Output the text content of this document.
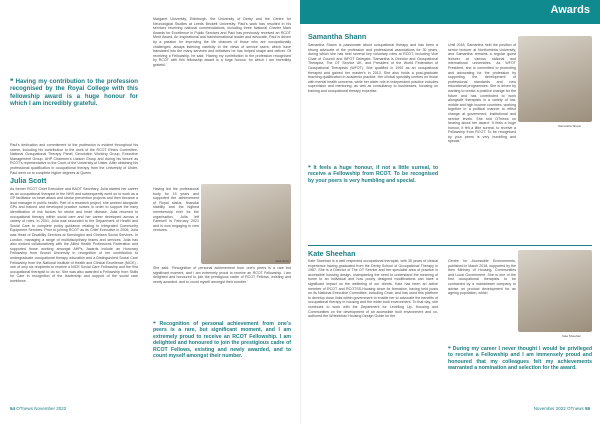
Awards
❝ Having my contribution to the profession recognised by the Royal College with this fellowship award is a huge honour for which I am incredibly grateful.

Paul's dedication and commitment to the profession is evident throughout his career, including his contribution to the work of the RCOT Ethics Committee, National Occupational Therapy Panel, Devolution Working Group, Executive Management Group, AHP Chairmen's Liaison Group and during his tenure as RCOT's representative to the Court of the University of Ulster. After obtaining his professional qualification in occupational therapy from the University of Ulster, Paul went on to complete higher degrees at Queen

Margaret University, Edinburgh, the University of Derby and the Centre for Neurological Studies at Leeds Beckett University. Paul's work has resulted in his services receiving national commendations, including three National Charter Mark Awards for Excellence in Public Services and Paul has previously received an RCOT Merit Award. An inspirational and transformational leader and advocate, Paul is driven by a passion for improving the life chances of those who are occupationally challenged, always listening carefully to the views of service users, which have translated into the many services and initiatives he has helped shape and deliver. Of receiving a Fellowship, he said: 'Having my contribution to the profession recognised by RCOT with this fellowship award is a huge honour, for which I am incredibly grateful.'

Julia Scott

As former RCOT Chief Executive and BAOT Secretary, Julia started her career as an occupational therapist in the NHS and subsequently went on to work as a GP facilitator on heart attack and stroke prevention projects and then became a lead manager in public health. Part of a research project, she worked alongside GPs and trained and developed practice nurses in order to support the early identification of risk factors for stroke and heart disease. Julia returned to occupational therapy within social care and her career developed across a variety of roles. In 2001, Julia was seconded to the Department of Health and Social Care to complete policy guidance relating to Integrated Community Equipment Services. Prior to joining RCOT as its Chief Executive in 2006, Julia was Head of Disability Services at Kensington and Chelsea Social Services. In London, managing a range of multidisciplinary teams and services. Julia has also worked collaboratively with the Allied Health Professions Federation and supported those working amongst AHPs. Awards include an Honorary Fellowship from Brunel University in recognition of her contribution to undergraduate occupational therapy education and a Distinguished Social Care Fellowship from the National Institute of Health and Clinical Excellence (NICE) - one of only six recipients to receive a NICE Social Care Fellowship and the first occupational therapist to do so. She was also awarded a Fellowship from Skills for Care in recognition of the leadership and support of the social care workforce.

Having led the professional body for 15 years and supported the achievement of Royal status, financial stability and the highest membership ever for the organisation, Julia left Farewell in February 2021 and is now engaging in new ventures.

Julia Scott

She said: 'Recognition of personal achievement from one's peers is a rare but significant moment, and I am extremely proud to receive an RCOT Fellowship. I am delighted and honoured to join the prestigious cadre of RCOT Fellows, existing and newly awarded, and to count myself amongst their number.'

❝ Recognition of personal achievement from one's peers is a rare, but significant moment, and I am extremely proud to receive an RCOT Fellowship. I am delighted and honoured to join the prestigious cadre of RCOT Fellows, existing and newly awarded, and to count myself amongst their number.
54 OTnews November 2022
Samantha Shann

Samantha Shann is passionate about occupational therapy and has been a strong advocate of the profession and professional associations for 30 years, during which she has held several key voluntary roles at RCOT, including Vice Chair of Council and WFOT Delegate. Samantha is Director and Occupational Therapist, The OT Service UK, and President of the World Federation of Occupational Therapists (WFOT). She qualified in 1992 as an occupational therapist and gained her master's in 2013. She also holds a post-graduate teaching qualification in academic practice. Her clinical specialty centres on those with mental health concerns, while her wider role in independent practice includes supervision and mentoring, as well as consultancy to businesses, focusing on training and occupational therapy expertise.

Until 2018, Samantha held the position of senior lecturer at Northumbria University, and Samantha remains a regular guest lecturer at various national and international universities. As WFOT President, she is committed to promoting and advocating for the profession by supporting the development of professional standards and new educational programmes. She is driven by wanting to create a positive change for the future and has contributed to work alongside therapists in a variety of low, middle and high income countries, working together in a political manner to effect change at government, institutional and service levels. She told OTnews on hearing about her award: 'It feels a huge honour, it felt a little surreal, to receive a Fellowship from RCOT. To be recognised by your peers is very humbling and special.'

Samantha Shann
❝ It feels a huge honour, if not a little surreal, to receive a Fellowship from RCOT. To be recognised by your peers is very humbling and special.
Kate Sheehan

Kate Sheehan is a well respected occupational therapist, with 35 years of clinical experience having graduated from the Derby School of Occupational Therapy in 1987. She is a Director of The OT Service and her specialist area of practice is accessible housing design, championing the need to understand the meaning of home to an individual and how poorly designed modifications can have a significant impact on the wellbeing of our clients. Kate has been an active member of RCOT and RCOTSS-Housing since its formation, having held posts on its National Executive Committee, including Chair, and has used this platform to develop close links within government to enable her to advocate the benefits of occupational therapy in housing and the wider built environment. To that day, she continues to work with the Department for Levelling Up, Housing and Communities on the development of an accessible built environment and co-authored the Wheelchair Housing Design Guide for the

Centre for Accessible Environments, published in March 2018, supported by the then Ministry of Housing, Communities and Local Government. She is one of the first occupational therapists to be contracted by a mainstream company to advise on product development for an ageing population, which

Kate Sheehan
❝ During my career I never thought I would be privileged to receive a Fellowship and I am immensely proud and honoured that my colleagues felt my achievements warranted a nomination and selection for the award.
November 2022 OTnews 55
